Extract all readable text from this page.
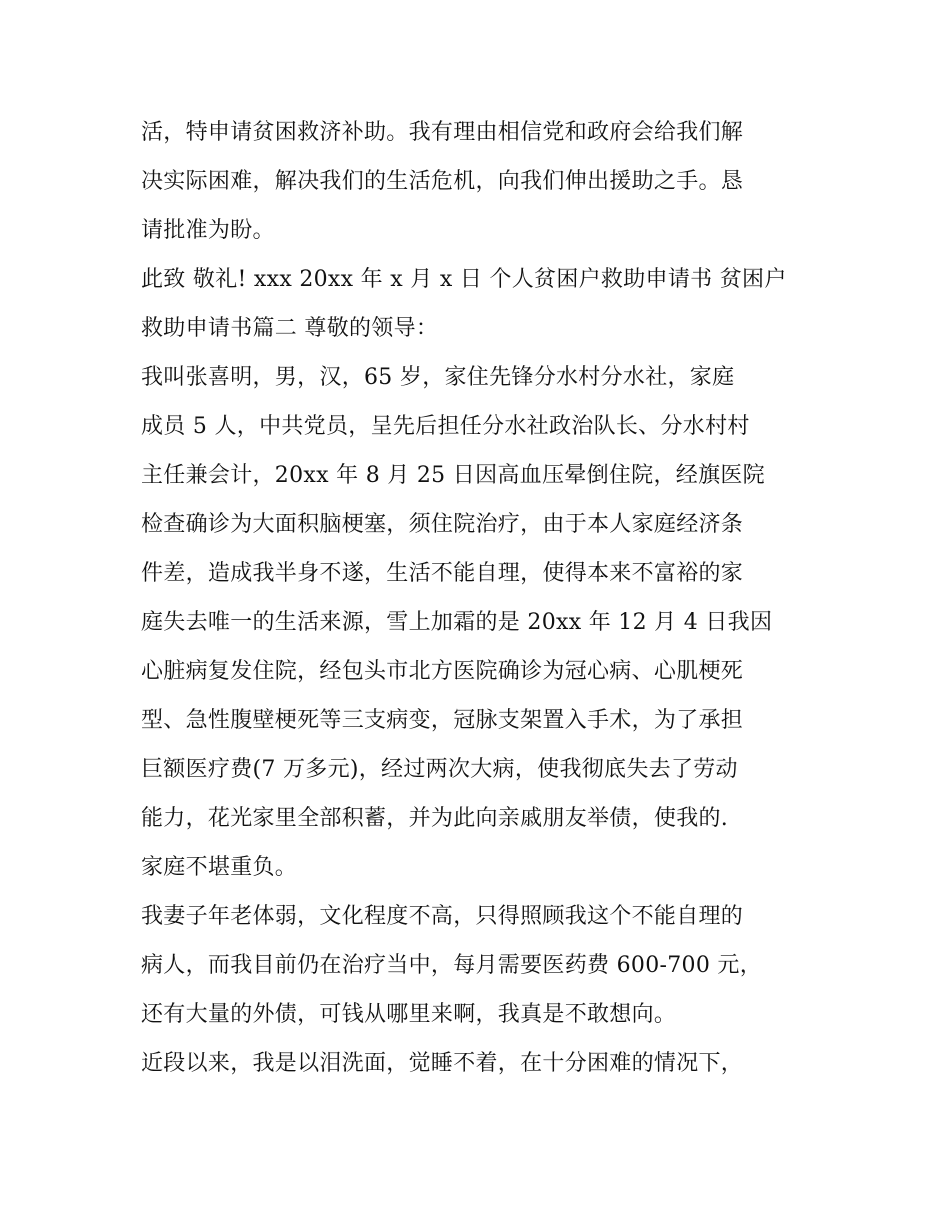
活，特申请贫困救济补助。我有理由相信党和政府会给我们解
决实际困难，解决我们的生活危机，向我们伸出援助之手。恳
请批准为盼。
此致 敬礼! xxx 20xx 年 x 月 x 日 个人贫困户救助申请书 贫困户
救助申请书篇二 尊敬的领导：
我叫张喜明，男，汉，65 岁，家住先锋分水村分水社，家庭
成员 5 人，中共党员，呈先后担任分水社政治队长、分水村村
主任兼会计，20xx 年 8 月 25 日因高血压晕倒住院，经旗医院
检查确诊为大面积脑梗塞，须住院治疗，由于本人家庭经济条
件差，造成我半身不遂，生活不能自理，使得本来不富裕的家
庭失去唯一的生活来源，雪上加霜的是 20xx 年 12 月 4 日我因
心脏病复发住院，经包头市北方医院确诊为冠心病、心肌梗死
型、急性腹壁梗死等三支病变，冠脉支架置入手术，为了承担
巨额医疗费(7 万多元)，经过两次大病，使我彻底失去了劳动
能力，花光家里全部积蓄，并为此向亲戚朋友举债，使我的.
家庭不堪重负。
我妻子年老体弱，文化程度不高，只得照顾我这个不能自理的
病人，而我目前仍在治疗当中，每月需要医药费 600-700 元，
还有大量的外债，可钱从哪里来啊，我真是不敢想向。
近段以来，我是以泪洗面，觉睡不着，在十分困难的情况下，
